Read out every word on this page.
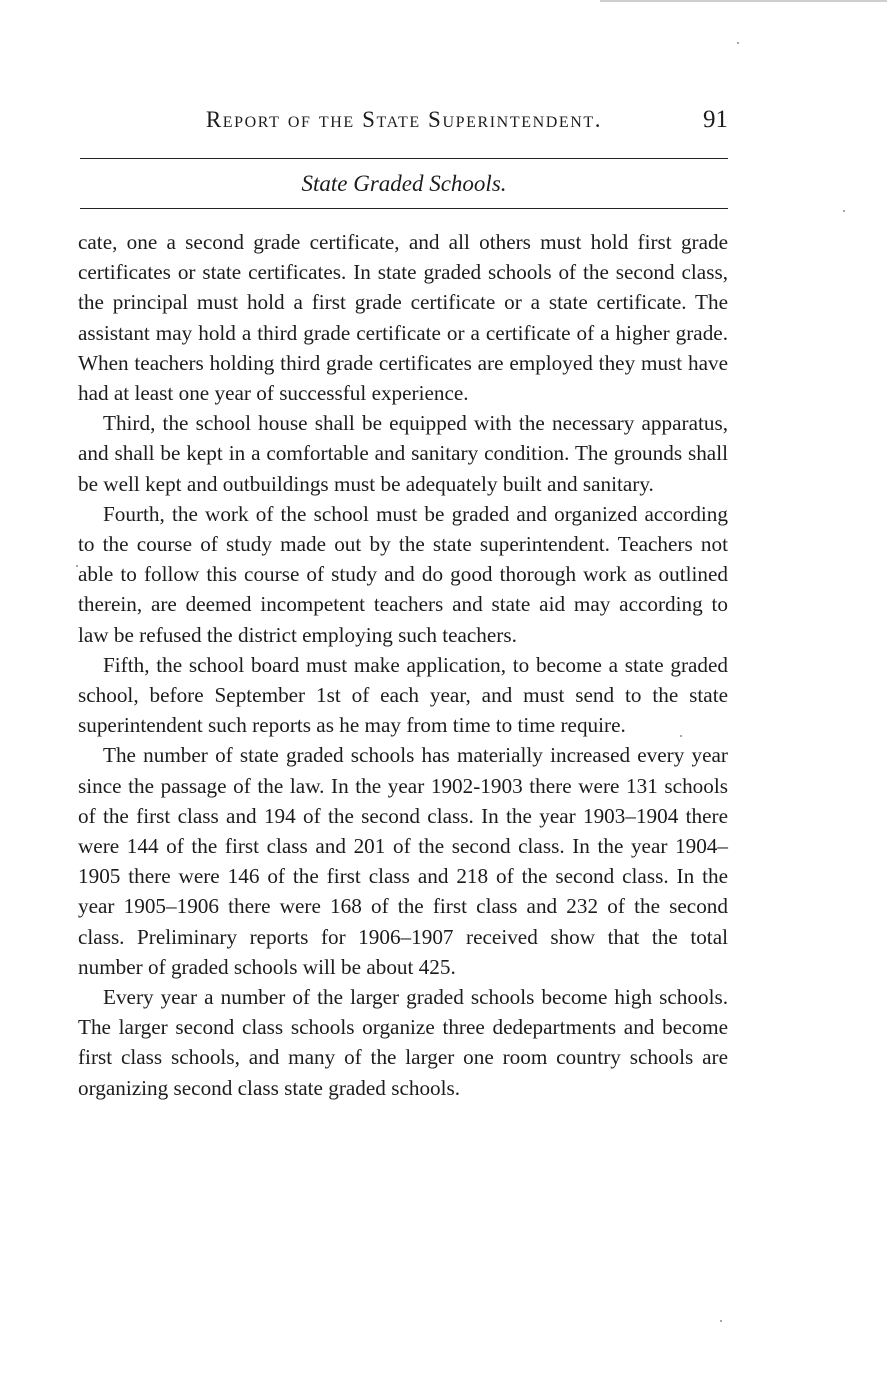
Report of the State Superintendent.	91
State Graded Schools.

cate, one a second grade certificate, and all others must hold first grade certificates or state certificates. In state graded schools of the second class, the principal must hold a first grade certificate or a state certificate. The assistant may hold a third grade certificate or a certificate of a higher grade. When teachers holding third grade certificates are employed they must have had at least one year of successful experience.

Third, the school house shall be equipped with the necessary apparatus, and shall be kept in a comfortable and sanitary condition. The grounds shall be well kept and outbuildings must be adequately built and sanitary.

Fourth, the work of the school must be graded and organized according to the course of study made out by the state superintendent. Teachers not able to follow this course of study and do good thorough work as outlined therein, are deemed incompetent teachers and state aid may according to law be refused the district employing such teachers.

Fifth, the school board must make application, to become a state graded school, before September 1st of each year, and must send to the state superintendent such reports as he may from time to time require.

The number of state graded schools has materially increased every year since the passage of the law. In the year 1902-1903 there were 131 schools of the first class and 194 of the second class. In the year 1903–1904 there were 144 of the first class and 201 of the second class. In the year 1904–1905 there were 146 of the first class and 218 of the second class. In the year 1905–1906 there were 168 of the first class and 232 of the second class. Preliminary reports for 1906–1907 received show that the total number of graded schools will be about 425.

Every year a number of the larger graded schools become high schools. The larger second class schools organize three dedepartments and become first class schools, and many of the larger one room country schools are organizing second class state graded schools.
